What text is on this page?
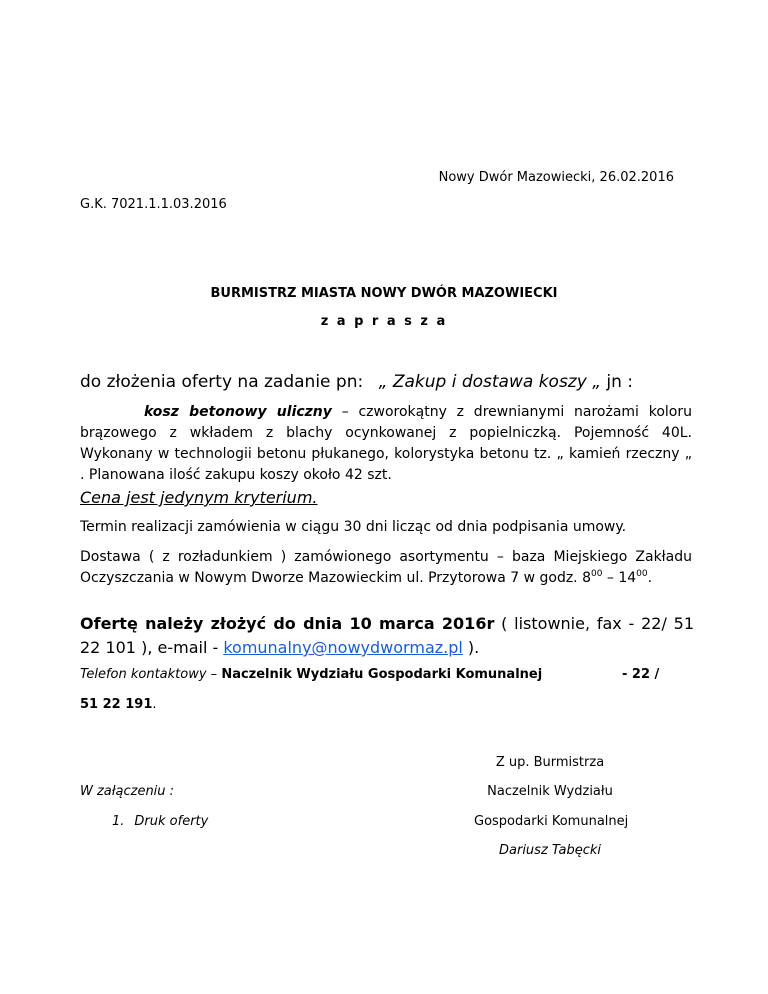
Nowy Dwór Mazowiecki, 26.02.2016
G.K. 7021.1.1.03.2016
BURMISTRZ MIASTA NOWY DWÓR MAZOWIECKI
z a p r a s z a
do złożenia oferty na zadanie pn: „ Zakup i dostawa koszy „ jn :
kosz betonowy uliczny – czworokątny z drewnianymi narożami koloru brązowego z wkładem z blachy ocynkowanej z popielniczką. Pojemność 40L. Wykonany w technologii betonu płukanego, kolorystyka betonu tz. „ kamień rzeczny „ . Planowana ilość zakupu koszy około 42 szt.
Cena jest jedynym kryterium.
Termin realizacji zamówienia w ciągu 30 dni licząc od dnia podpisania umowy.
Dostawa ( z rozładunkiem ) zamówionego asortymentu – baza Miejskiego Zakładu Oczyszczania w Nowym Dworze Mazowieckim ul. Przytorowa 7 w godz. $8^{00} - 14^{00}$.
Ofertę należy złożyć do dnia 10 marca 2016r ( listownie, fax - 22/ 51 22 101 ), e-mail - komunalny@nowydwormaz.pl ).
Telefon kontaktowy – Naczelnik Wydziału Gospodarki Komunalnej	- 22 /
51 22 191.
Z up. Burmistrza
Naczelnik Wydziału
Gospodarki Komunalnej
Dariusz Tabęcki
W załączeniu :
1. Druk oferty
